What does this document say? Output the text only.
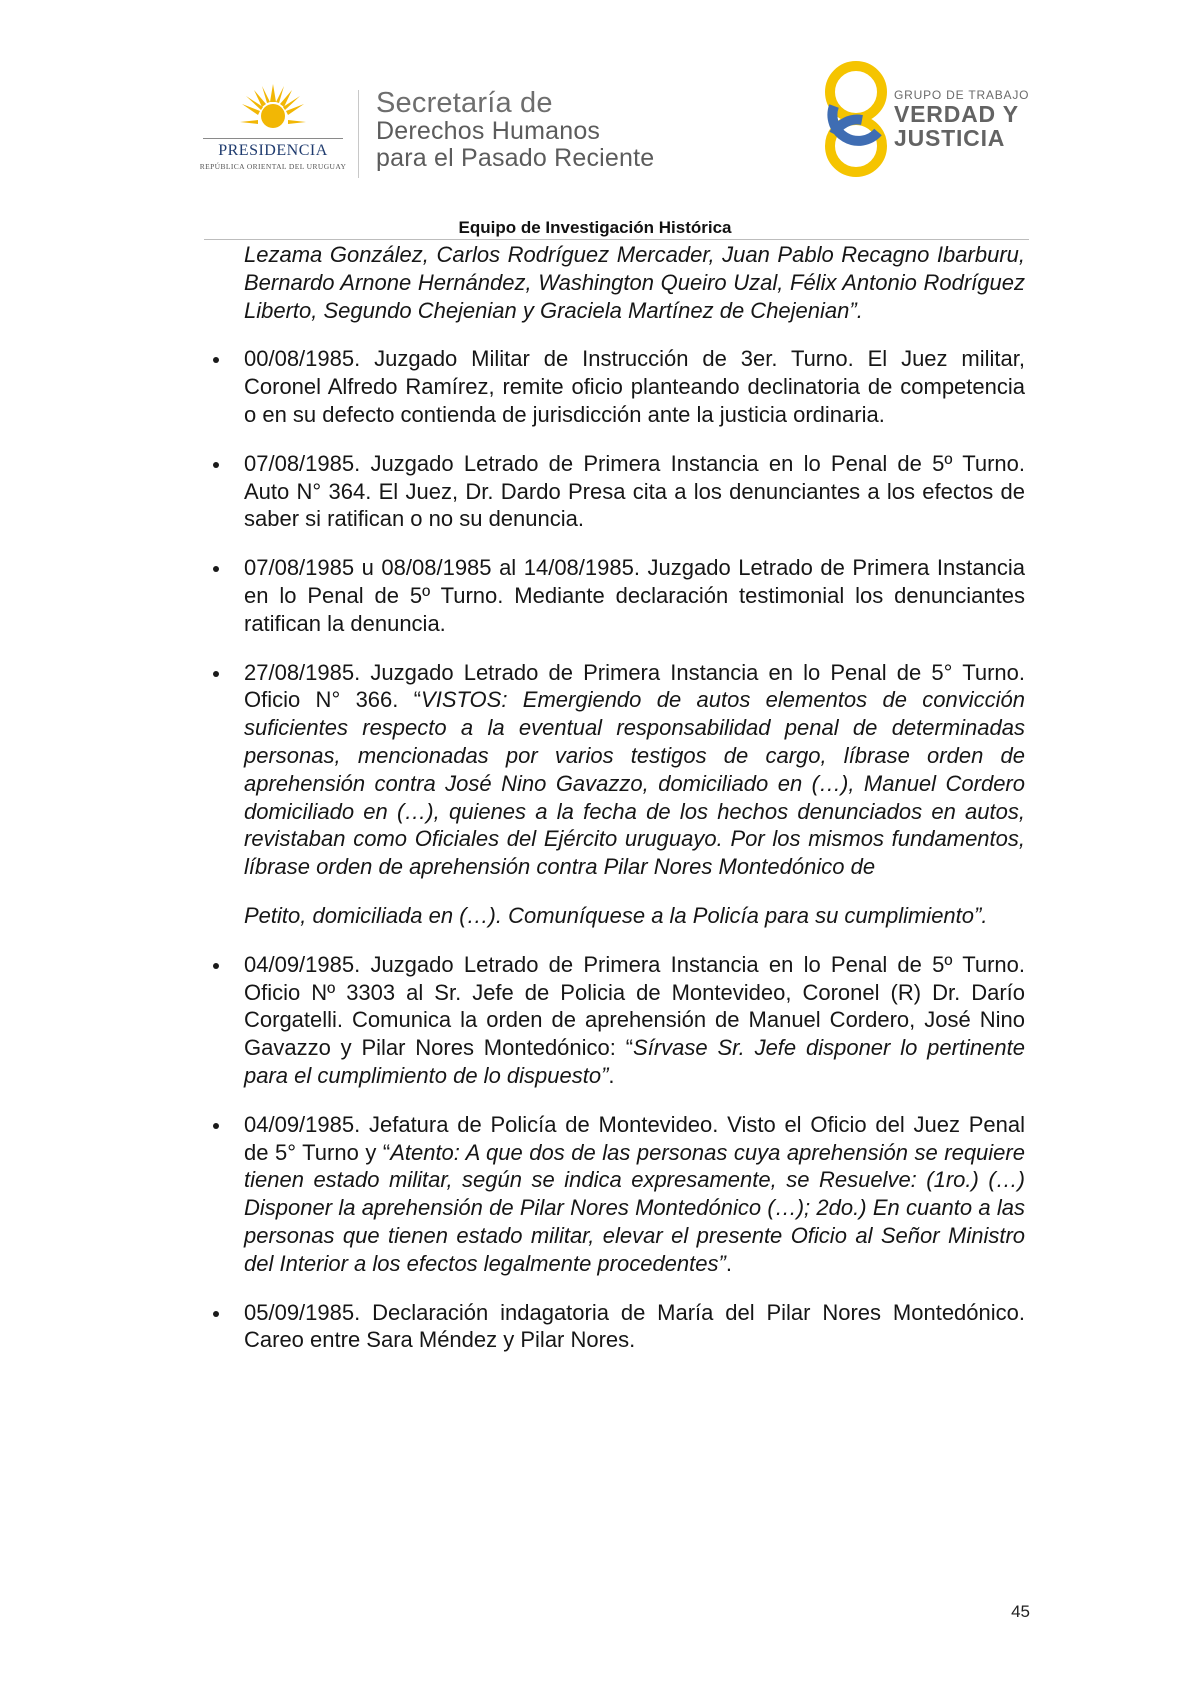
PRESIDENCIA
REPÚBLICA ORIENTAL DEL URUGUAY
Secretaría de
Derechos Humanos
para el Pasado Reciente
GRUPO DE TRABAJO
VERDAD Y
JUSTICIA
Equipo de Investigación Histórica

Lezama González, Carlos Rodríguez Mercader, Juan Pablo Recagno Ibarburu, Bernardo Arnone Hernández, Washington Queiro Uzal, Félix Antonio Rodríguez Liberto, Segundo Chejenian y Graciela Martínez de Chejenian”.

00/08/1985. Juzgado Militar de Instrucción de 3er. Turno. El Juez militar, Coronel Alfredo Ramírez, remite oficio planteando declinatoria de competencia o en su defecto contienda de jurisdicción ante la justicia ordinaria.

07/08/1985. Juzgado Letrado de Primera Instancia en lo Penal de 5º Turno. Auto N° 364. El Juez, Dr. Dardo Presa cita a los denunciantes a los efectos de saber si ratifican o no su denuncia.

07/08/1985 u 08/08/1985 al 14/08/1985. Juzgado Letrado de Primera Instancia en lo Penal de 5º Turno. Mediante declaración testimonial los denunciantes ratifican la denuncia.

27/08/1985. Juzgado Letrado de Primera Instancia en lo Penal de 5° Turno. Oficio N° 366. “VISTOS: Emergiendo de autos elementos de convicción suficientes respecto a la eventual responsabilidad penal de determinadas personas, mencionadas por varios testigos de cargo, líbrase orden de aprehensión contra José Nino Gavazzo, domiciliado en (…), Manuel Cordero domiciliado en (…), quienes a la fecha de los hechos denunciados en autos, revistaban como Oficiales del Ejército uruguayo. Por los mismos fundamentos, líbrase orden de aprehensión contra Pilar Nores Montedónico de

Petito, domiciliada en (…). Comuníquese a la Policía para su cumplimiento”.

04/09/1985. Juzgado Letrado de Primera Instancia en lo Penal de 5º Turno. Oficio Nº 3303 al Sr. Jefe de Policia de Montevideo, Coronel (R) Dr. Darío Corgatelli. Comunica la orden de aprehensión de Manuel Cordero, José Nino Gavazzo y Pilar Nores Montedónico: “Sírvase Sr. Jefe disponer lo pertinente para el cumplimiento de lo dispuesto”.

04/09/1985. Jefatura de Policía de Montevideo. Visto el Oficio del Juez Penal de 5° Turno y “Atento: A que dos de las personas cuya aprehensión se requiere tienen estado militar, según se indica expresamente, se Resuelve: (1ro.) (…) Disponer la aprehensión de Pilar Nores Montedónico (…); 2do.) En cuanto a las personas que tienen estado militar, elevar el presente Oficio al Señor Ministro del Interior a los efectos legalmente procedentes”.

05/09/1985. Declaración indagatoria de María del Pilar Nores Montedónico. Careo entre Sara Méndez y Pilar Nores.

45
